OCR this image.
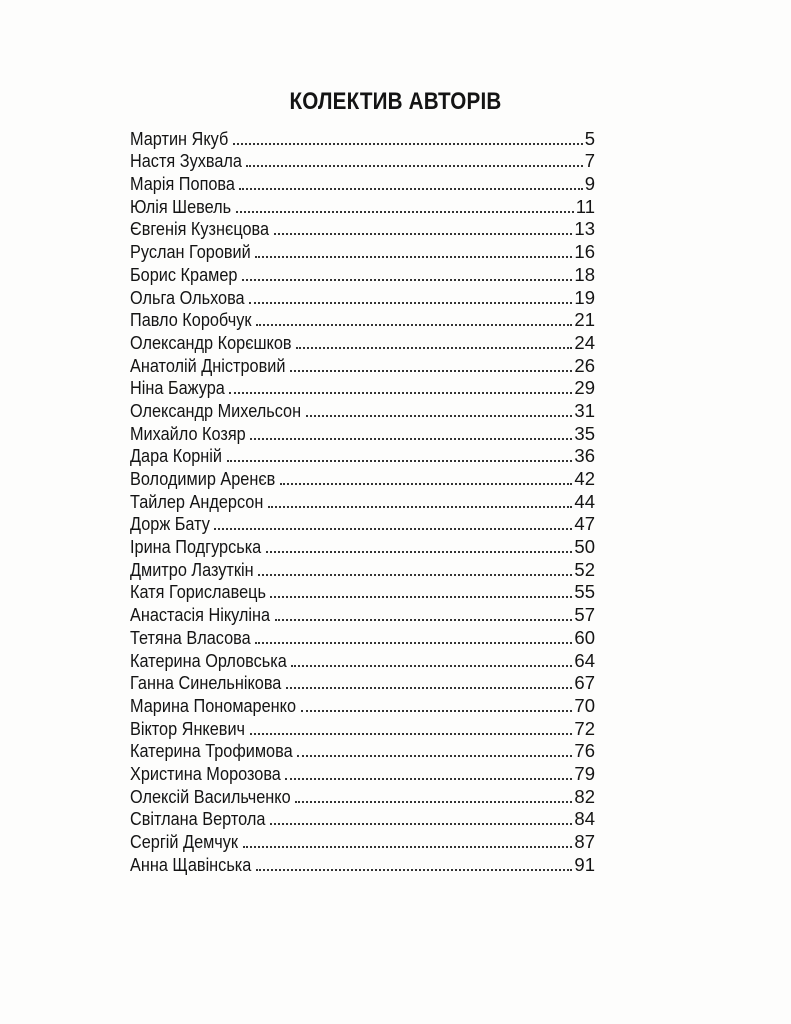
КОЛЕКТИВ АВТОРІВ
Мартин Якуб	5
Настя Зухвала	7
Марія Попова	9
Юлія Шевель	11
Євгенія Кузнєцова	13
Руслан Горовий	16
Борис Крамер	18
Ольга Ольхова	19
Павло Коробчук	21
Олександр Корєшков	24
Анатолій Дністровий	26
Ніна Бажура	29
Олександр Михельсон	31
Михайло Козяр	35
Дара Корній	36
Володимир Аренєв	42
Тайлер Андерсон	44
Дорж Бату	47
Ірина Подгурська	50
Дмитро Лазуткін	52
Катя Гориславець	55
Анастасія Нікуліна	57
Тетяна Власова	60
Катерина Орловська	64
Ганна Синельнікова	67
Марина Пономаренко	70
Віктор Янкевич	72
Катерина Трофимова	76
Христина Морозова	79
Олексій Васильченко	82
Світлана Вертола	84
Сергій Демчук	87
Анна Щавінська	91
